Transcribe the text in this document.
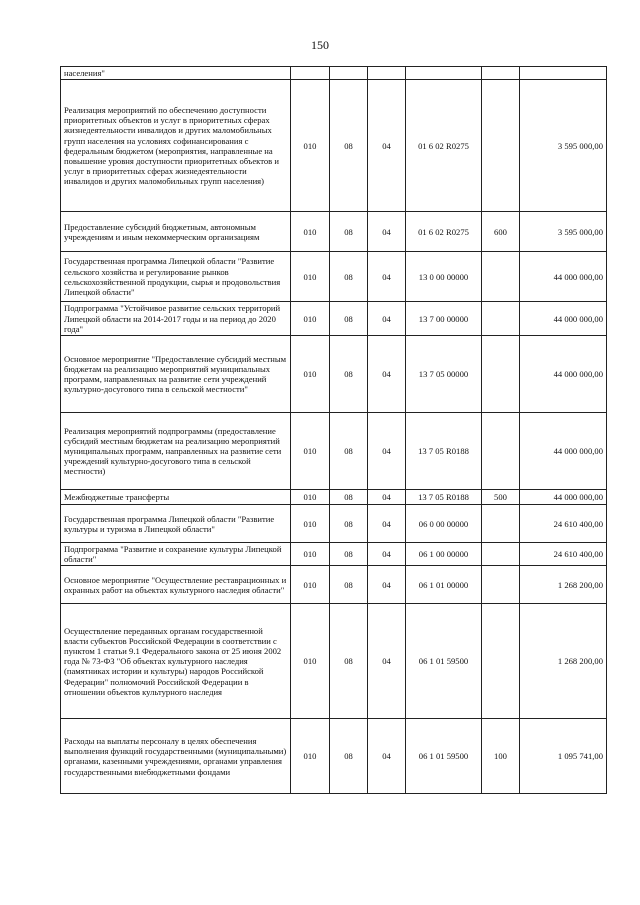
150
населения"						
Реализация мероприятий по обеспечению доступности приоритетных объектов и услуг в приоритетных сферах жизнедеятельности инвалидов и других маломобильных групп населения на условиях софинансирования с федеральным бюджетом (мероприятия, направленные на повышение уровня доступности приоритетных объектов и услуг в приоритетных сферах жизнедеятельности инвалидов и других маломобильных групп населения)	010	08	04	01 6 02 R0275		3 595 000,00
Предоставление субсидий бюджетным, автономным учреждениям и иным некоммерческим организациям	010	08	04	01 6 02 R0275	600	3 595 000,00
Государственная программа Липецкой области "Развитие сельского хозяйства и регулирование рынков сельскохозяйственной продукции, сырья и продовольствия Липецкой области"	010	08	04	13 0 00 00000		44 000 000,00
Подпрограмма "Устойчивое развитие сельских территорий Липецкой области на 2014-2017 годы и на период до 2020 года"	010	08	04	13 7 00 00000		44 000 000,00
Основное мероприятие "Предоставление субсидий местным бюджетам на реализацию мероприятий муниципальных программ, направленных на развитие сети учреждений культурно-досугового типа в сельской местности"	010	08	04	13 7 05 00000		44 000 000,00
Реализация мероприятий подпрограммы (предоставление субсидий местным бюджетам на реализацию мероприятий муниципальных программ, направленных на развитие сети учреждений культурно-досугового типа в сельской местности)	010	08	04	13 7 05 R0188		44 000 000,00
Межбюджетные трансферты	010	08	04	13 7 05 R0188	500	44 000 000,00
Государственная программа Липецкой области "Развитие культуры и туризма в Липецкой области"	010	08	04	06 0 00 00000		24 610 400,00
Подпрограмма "Развитие и сохранение культуры Липецкой области"	010	08	04	06 1 00 00000		24 610 400,00
Основное мероприятие "Осуществление реставрационных и охранных работ на объектах культурного наследия области"	010	08	04	06 1 01 00000		1 268 200,00
Осуществление переданных органам государственной власти субъектов Российской Федерации в соответствии с пунктом 1 статьи 9.1 Федерального закона от 25 июня 2002 года № 73-ФЗ "Об объектах культурного наследия (памятниках истории и культуры) народов Российской Федерации" полномочий Российской Федерации в отношении объектов культурного наследия	010	08	04	06 1 01 59500		1 268 200,00
Расходы на выплаты персоналу в целях обеспечения выполнения функций государственными (муниципальными) органами, казенными учреждениями, органами управления государственными внебюджетными фондами	010	08	04	06 1 01 59500	100	1 095 741,00
